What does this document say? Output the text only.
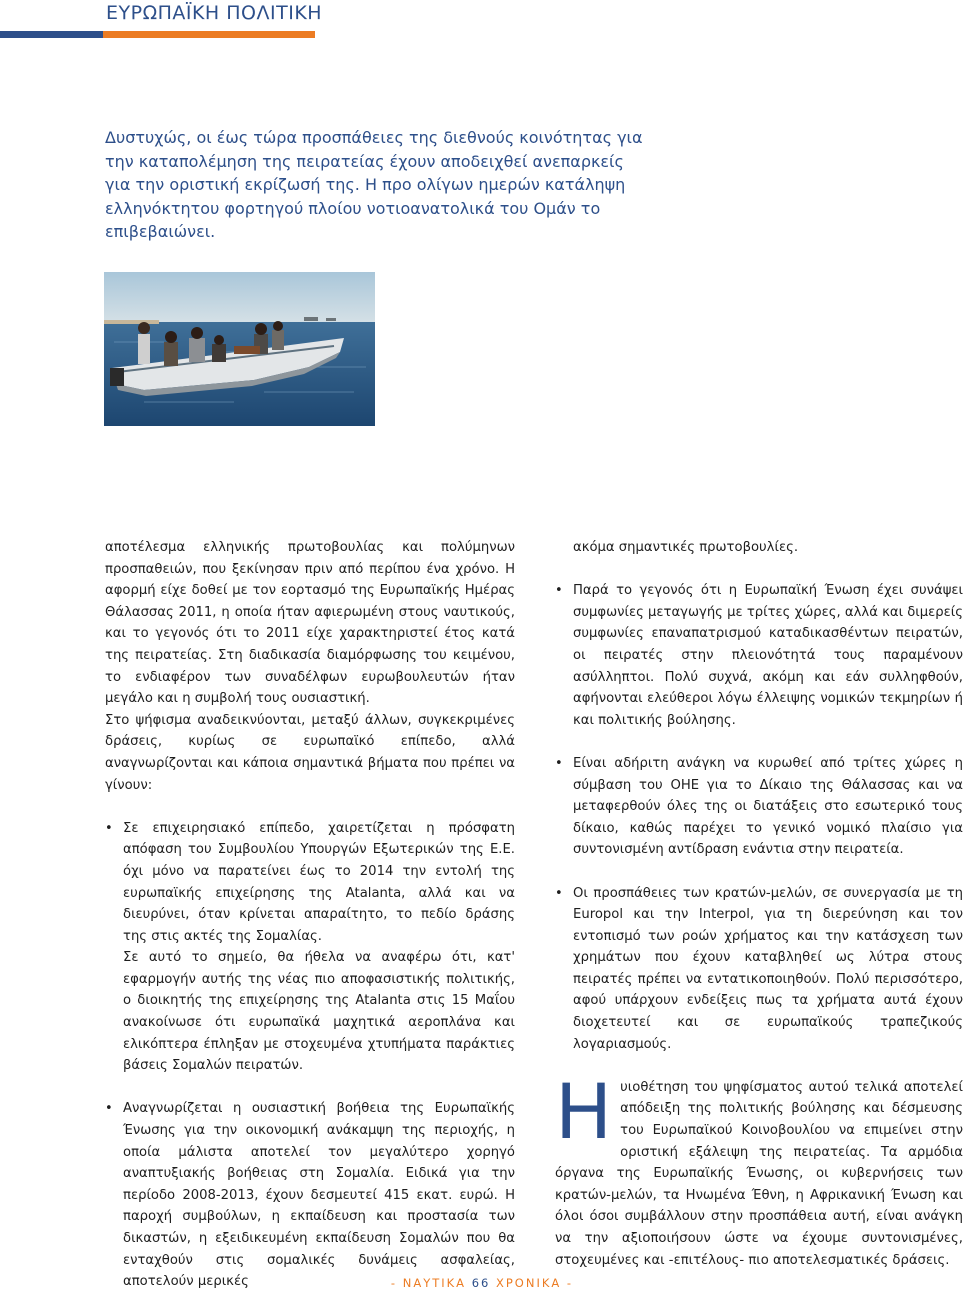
ΕΥΡΩΠΑΪΚΗ ΠΟΛΙΤΙΚΗ

Δυστυχώς, οι έως τώρα προσπάθειες της διεθνούς κοινότητας για την καταπολέμηση της πειρατείας έχουν αποδειχθεί ανεπαρκείς για την οριστική εκρίζωσή της. Η προ ολίγων ημερών κατάληψη ελληνόκτητου φορτηγού πλοίου νοτιοανατολικά του Ομάν το επιβεβαιώνει.

αποτέλεσμα ελληνικής πρωτοβουλίας και πολύμηνων προσπαθειών, που ξεκίνησαν πριν από περίπου ένα χρόνο. Η αφορμή είχε δοθεί με τον εορτασμό της Ευρωπαϊκής Ημέρας Θάλασσας 2011, η οποία ήταν αφιερωμένη στους ναυτικούς, και το γεγονός ότι το 2011 είχε χαρακτηριστεί έτος κατά της πειρατείας. Στη διαδικασία διαμόρφωσης του κειμένου, το ενδιαφέρον των συναδέλφων ευρωβουλευτών ήταν μεγάλο και η συμβολή τους ουσιαστική.

Στο ψήφισμα αναδεικνύονται, μεταξύ άλλων, συγκεκριμένες δράσεις, κυρίως σε ευρωπαϊκό επίπεδο, αλλά αναγνωρίζονται και κάποια σημαντικά βήματα που πρέπει να γίνουν:

• Σε επιχειρησιακό επίπεδο, χαιρετίζεται η πρόσφατη απόφαση του Συμβουλίου Υπουργών Εξωτερικών της Ε.Ε. όχι μόνο να παρατείνει έως το 2014 την εντολή της ευρωπαϊκής επιχείρησης της Atalanta, αλλά και να διευρύνει, όταν κρίνεται απαραίτητο, το πεδίο δράσης της στις ακτές της Σομαλίας.

Σε αυτό το σημείο, θα ήθελα να αναφέρω ότι, κατ' εφαρμογήν αυτής της νέας πιο αποφασιστικής πολιτικής, ο διοικητής της επιχείρησης της Atalanta στις 15 Μαΐου ανακοίνωσε ότι ευρωπαϊκά μαχητικά αεροπλάνα και ελικόπτερα έπληξαν με στοχευμένα χτυπήματα παράκτιες βάσεις Σομαλών πειρατών.

• Αναγνωρίζεται η ουσιαστική βοήθεια της Ευρωπαϊκής Ένωσης για την οικονομική ανάκαμψη της περιοχής, η οποία μάλιστα αποτελεί τον μεγαλύτερο χορηγό αναπτυξιακής βοήθειας στη Σομαλία. Ειδικά για την περίοδο 2008-2013, έχουν δεσμευτεί 415 εκατ. ευρώ. Η παροχή συμβούλων, η εκπαίδευση και προστασία των δικαστών, η εξειδικευμένη εκπαίδευση Σομαλών που θα ενταχθούν στις σομαλικές δυνάμεις ασφαλείας, αποτελούν μερικές

ακόμα σημαντικές πρωτοβουλίες.

• Παρά το γεγονός ότι η Ευρωπαϊκή Ένωση έχει συνάψει συμφωνίες μεταγωγής με τρίτες χώρες, αλλά και διμερείς συμφωνίες επαναπατρισμού καταδικασθέντων πειρατών, οι πειρατές στην πλειονότητά τους παραμένουν ασύλληπτοι. Πολύ συχνά, ακόμη και εάν συλληφθούν, αφήνονται ελεύθεροι λόγω έλλειψης νομικών τεκμηρίων ή και πολιτικής βούλησης.

• Είναι αδήριτη ανάγκη να κυρωθεί από τρίτες χώρες η σύμβαση του ΟΗΕ για το Δίκαιο της Θάλασσας και να μεταφερθούν όλες της οι διατάξεις στο εσωτερικό τους δίκαιο, καθώς παρέχει το γενικό νομικό πλαίσιο για συντονισμένη αντίδραση ενάντια στην πειρατεία.

• Οι προσπάθειες των κρατών-μελών, σε συνεργασία με τη Europol και την Interpol, για τη διερεύνηση και τον εντοπισμό των ροών χρήματος και την κατάσχεση των χρημάτων που έχουν καταβληθεί ως λύτρα στους πειρατές πρέπει να εντατικοποιηθούν. Πολύ περισσότερο, αφού υπάρχουν ενδείξεις πως τα χρήματα αυτά έχουν διοχετευτεί και σε ευρωπαϊκούς τραπεζικούς λογαριασμούς.

Η υιοθέτηση του ψηφίσματος αυτού τελικά αποτελεί απόδειξη της πολιτικής βούλησης και δέσμευσης του Ευρωπαϊκού Κοινοβουλίου να επιμείνει στην οριστική εξάλειψη της πειρατείας. Τα αρμόδια όργανα της Ευρωπαϊκής Ένωσης, οι κυβερνήσεις των κρατών-μελών, τα Ηνωμένα Έθνη, η Αφρικανική Ένωση και όλοι όσοι συμβάλλουν στην προσπάθεια αυτή, είναι ανάγκη να την αξιοποιήσουν ώστε να έχουμε συντονισμένες, στοχευμένες και -επιτέλους- πιο αποτελεσματικές δράσεις.

- ΝΑΥΤΙΚΑ 66 ΧΡΟΝΙΚΑ -
